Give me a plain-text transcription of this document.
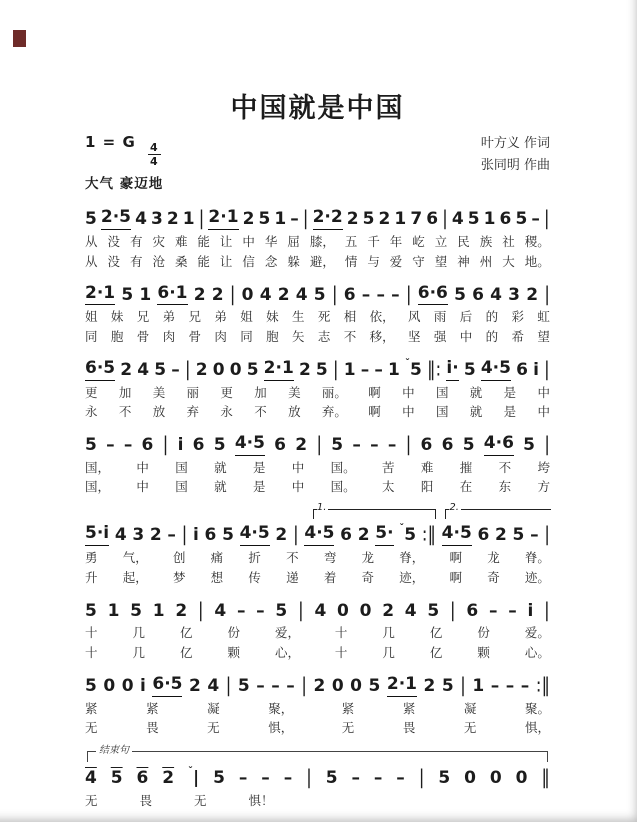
中国就是中国
1 = G $\frac{4}{4}$
大气 豪迈地
叶方义 作词
张同明 作曲
5 2·5 4 3 2 1 | 2·1 2 5 1 – | 2·2 2 5 2 1 7 6 | 4 5 1 6 5 – |
从 没 有 灾 难 能 让 中 华 屈 膝， 五 千 年 屹 立 民 族 社 稷。
从 没 有 沧 桑 能 让 信 念 躲 避， 情 与 爱 守 望 神 州 大 地。
2·1 5 1 6·1 2 2 | 0 4 2 4 5 | 6 – – – | 6·6 5 6 4 3 2 |
姐 妹 兄 弟 兄 弟 姐 妹 生 死 相 依， 风 雨 后 的 彩 虹
同 胞 骨 肉 骨 肉 同 胞 矢 志 不 移， 坚 强 中 的 希 望
6·5 2 4 5 – | 2 0 0 5 2·1 2 5 | 1 – – 1 $^ˇ$5 ‖: i· 5 4·5 6 i |
更 加 美 丽 更 加 美 丽。 啊 中 国 就 是 中
永 不 放 弃 永 不 放 弃。 啊 中 国 就 是 中
5 – – 6 | i 6 5 4·5 6 2 | 5 – – – | 6 6 5 4·6 5 |
国， 中 国 就 是 中 国。 苦 难 摧 不 垮
国， 中 国 就 是 中 国。 太 阳 在 东 方
1.	2.
5·i 4 3 2 – | i 6 5 4·5 2 | 4·5 6 2 5· $^ˇ$5 :‖ 4·5 6 2 5 – |
勇 气， 创 痛 折 不 弯 龙 脊， 啊 龙 脊。
升 起， 梦 想 传 递 着 奇 迹， 啊 奇 迹。
5 1 5 1 2 | 4 – – 5 | 4 0 0 2 4 5 | 6 – – i |
十	几	亿	份	爱，	十	几	亿	份	爱。
十	几	亿	颗	心，	十	几	亿	颗	心。
5 0 0 i 6·5 2 4 | 5 – – – | 2 0 0 5 2·1 2 5 | 1 – – – :‖
紧	紧	凝	聚，	紧	紧	凝	聚。
无	畏	无	惧，	无	畏	无	惧，
结束句
4 5 6 2 $^ˇ$| 5 – – – | 5 – – – | 5 0 0 0 ‖
无	畏	无	惧！
